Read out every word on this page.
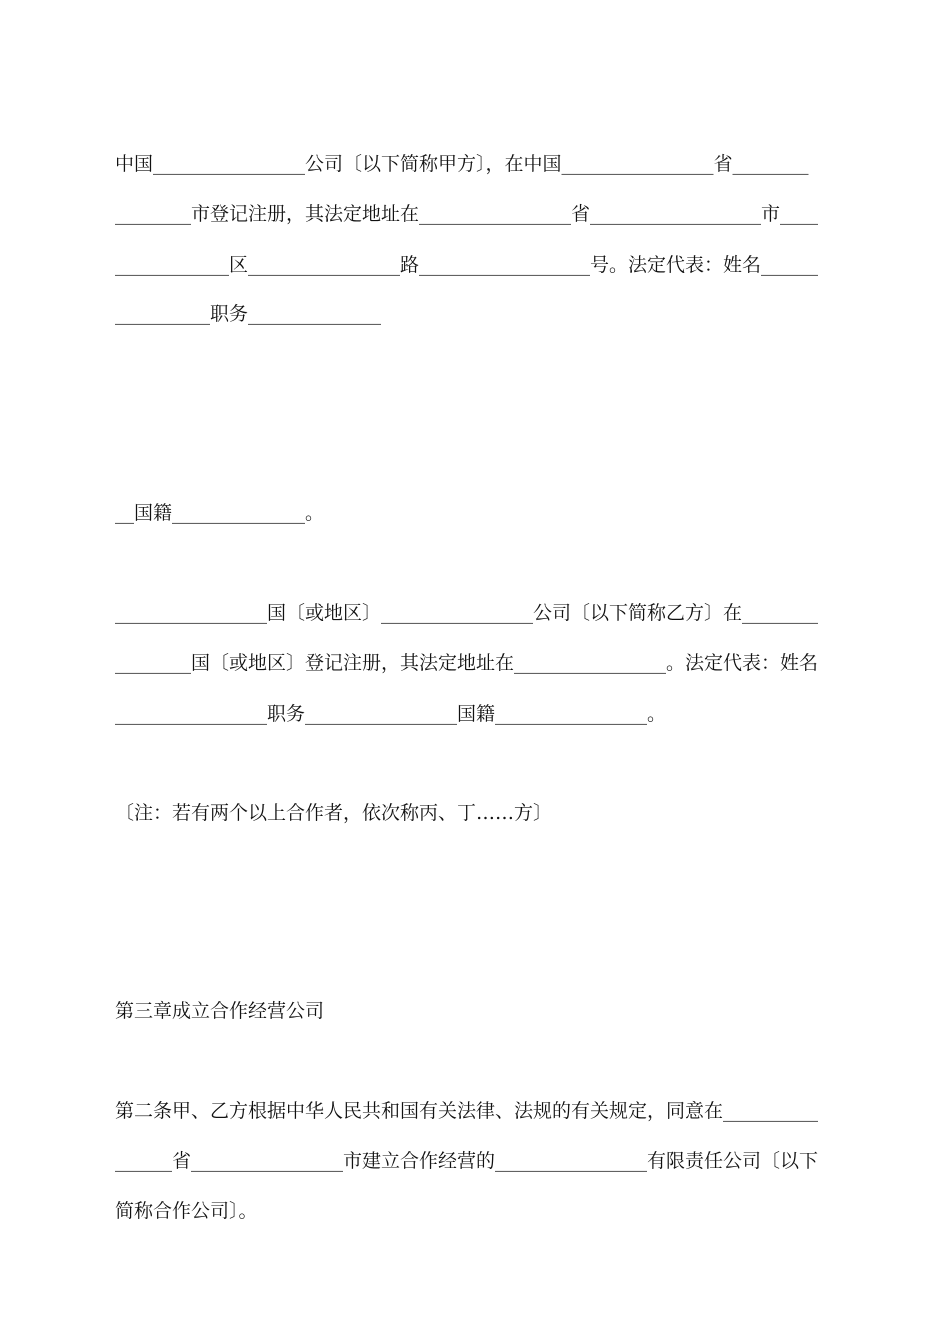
中国________________公司〔以下简称甲方〕，在中国________________省________
________市登记注册，其法定地址在________________省__________________市____
____________区________________路__________________号。法定代表：姓名______
__________职务______________
__国籍______________。
________________国〔或地区〕________________公司〔以下简称乙方〕在________
________国〔或地区〕登记注册，其法定地址在________________。法定代表：姓名
________________职务________________国籍________________。
〔注：若有两个以上合作者，依次称丙、丁……方〕
第三章成立合作经营公司
第二条甲、乙方根据中华人民共和国有关法律、法规的有关规定，同意在__________
______省________________市建立合作经营的________________有限责任公司〔以下
简称合作公司〕。
